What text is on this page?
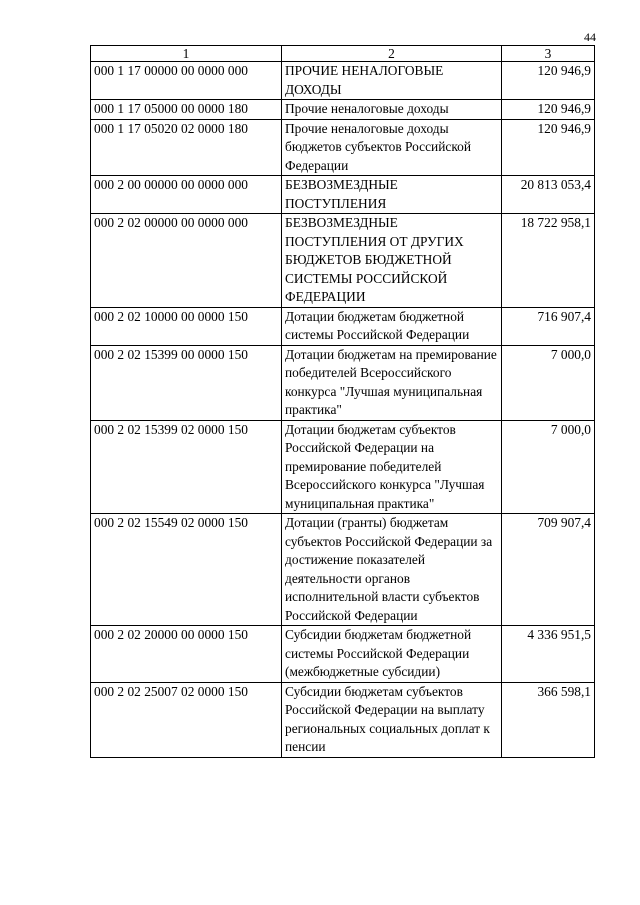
44
1	2	3
000 1 17 00000 00 0000 000	ПРОЧИЕ НЕНАЛОГОВЫЕ ДОХОДЫ	120 946,9
000 1 17 05000 00 0000 180	Прочие неналоговые доходы	120 946,9
000 1 17 05020 02 0000 180	Прочие неналоговые доходы бюджетов субъектов Российской Федерации	120 946,9
000 2 00 00000 00 0000 000	БЕЗВОЗМЕЗДНЫЕ ПОСТУПЛЕНИЯ	20 813 053,4
000 2 02 00000 00 0000 000	БЕЗВОЗМЕЗДНЫЕ ПОСТУПЛЕНИЯ ОТ ДРУГИХ БЮДЖЕТОВ БЮДЖЕТНОЙ СИСТЕМЫ РОССИЙСКОЙ ФЕДЕРАЦИИ	18 722 958,1
000 2 02 10000 00 0000 150	Дотации бюджетам бюджетной системы Российской Федерации	716 907,4
000 2 02 15399 00 0000 150	Дотации бюджетам на премирование победителей Всероссийского конкурса "Лучшая муниципальная практика"	7 000,0
000 2 02 15399 02 0000 150	Дотации бюджетам субъектов Российской Федерации на премирование победителей Всероссийского конкурса "Лучшая муниципальная практика"	7 000,0
000 2 02 15549 02 0000 150	Дотации (гранты) бюджетам субъектов Российской Федерации за достижение показателей деятельности органов исполнительной власти субъектов Российской Федерации	709 907,4
000 2 02 20000 00 0000 150	Субсидии бюджетам бюджетной системы Российской Федерации (межбюджетные субсидии)	4 336 951,5
000 2 02 25007 02 0000 150	Субсидии бюджетам субъектов Российской Федерации на выплату региональных социальных доплат к пенсии	366 598,1
